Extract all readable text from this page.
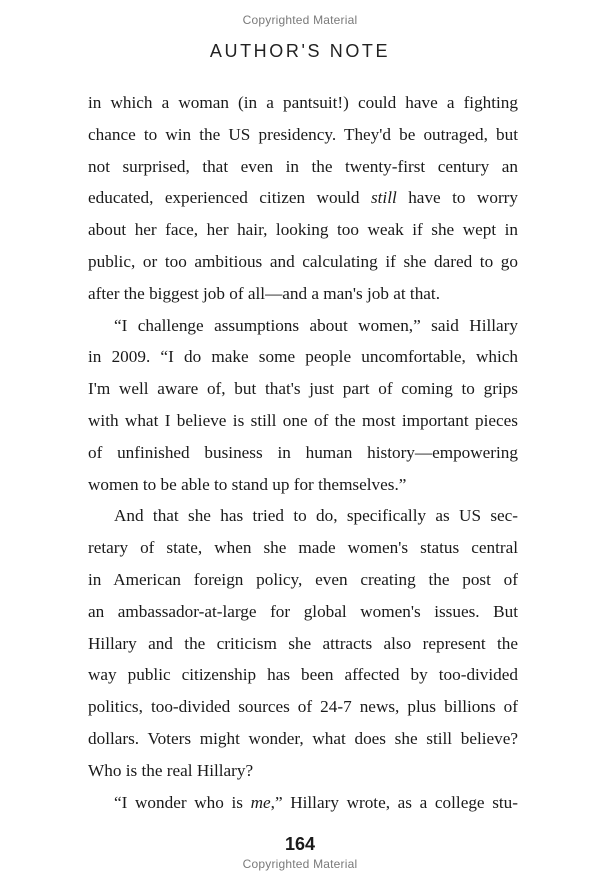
Copyrighted Material
AUTHOR'S NOTE
in which a woman (in a pantsuit!) could have a fighting
chance to win the US presidency. They'd be outraged, but
not surprised, that even in the twenty-first century an
educated, experienced citizen would still have to worry
about her face, her hair, looking too weak if she wept in
public, or too ambitious and calculating if she dared to go
after the biggest job of all—and a man's job at that.
“I challenge assumptions about women,” said Hillary
in 2009. “I do make some people uncomfortable, which
I'm well aware of, but that's just part of coming to grips
with what I believe is still one of the most important pieces
of unfinished business in human history—empowering
women to be able to stand up for themselves.”
And that she has tried to do, specifically as US sec-
retary of state, when she made women's status central
in American foreign policy, even creating the post of
an ambassador-at-large for global women's issues. But
Hillary and the criticism she attracts also represent the
way public citizenship has been affected by too-divided
politics, too-divided sources of 24-7 news, plus billions of
dollars. Voters might wonder, what does she still believe?
Who is the real Hillary?
“I wonder who is me,” Hillary wrote, as a college stu-
164
Copyrighted Material
